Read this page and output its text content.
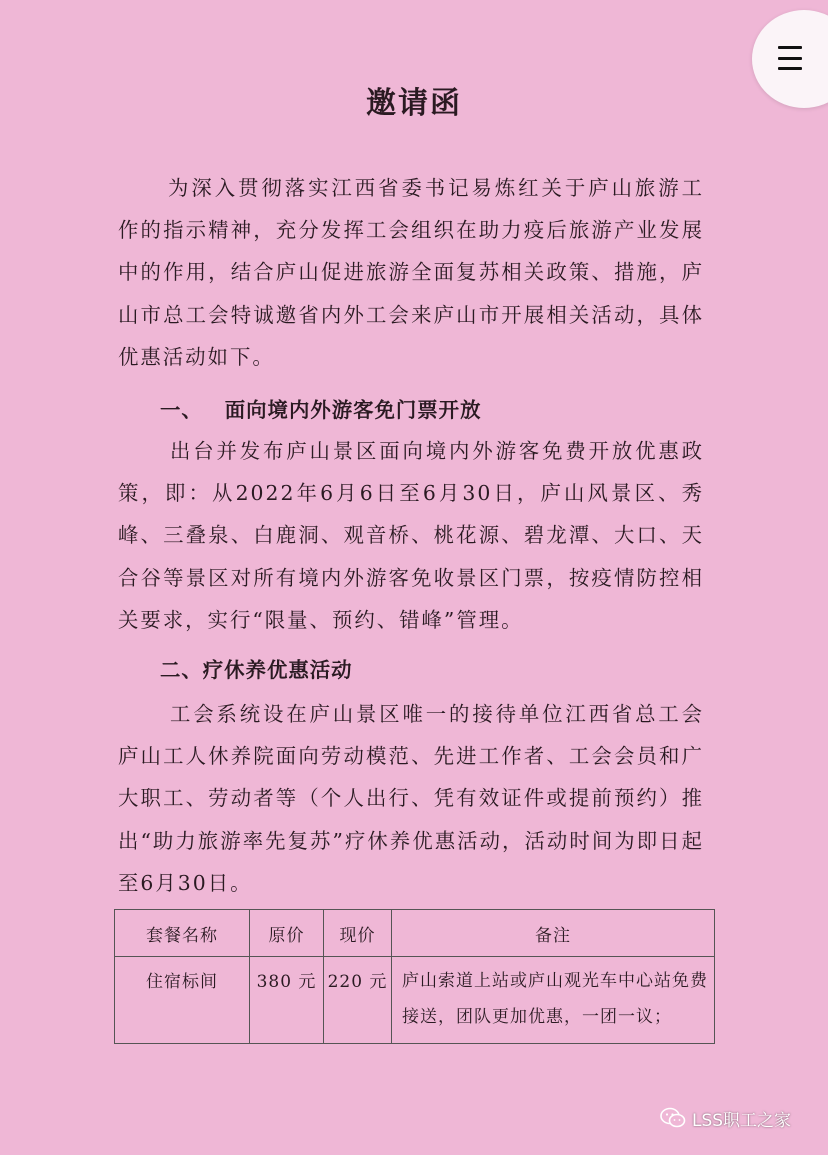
邀请函
为深入贯彻落实江西省委书记易炼红关于庐山旅游工作的指示精神，充分发挥工会组织在助力疫后旅游产业发展中的作用，结合庐山促进旅游全面复苏相关政策、措施，庐山市总工会特诚邀省内外工会来庐山市开展相关活动，具体优惠活动如下。
一、 面向境内外游客免门票开放
出台并发布庐山景区面向境内外游客免费开放优惠政策，即：从2022年6月6日至6月30日，庐山风景区、秀峰、三叠泉、白鹿洞、观音桥、桃花源、碧龙潭、大口、天合谷等景区对所有境内外游客免收景区门票，按疫情防控相关要求，实行“限量、预约、错峰”管理。
二、疗休养优惠活动
工会系统设在庐山景区唯一的接待单位江西省总工会庐山工人休养院面向劳动模范、先进工作者、工会会员和广大职工、劳动者等（个人出行、凭有效证件或提前预约）推出“助力旅游率先复苏”疗休养优惠活动，活动时间为即日起至6月30日。
套餐名称	原价	现价	备注
住宿标间	380 元	220 元	庐山索道上站或庐山观光车中心站免费接送，团队更加优惠，一团一议；
LSS职工之家
